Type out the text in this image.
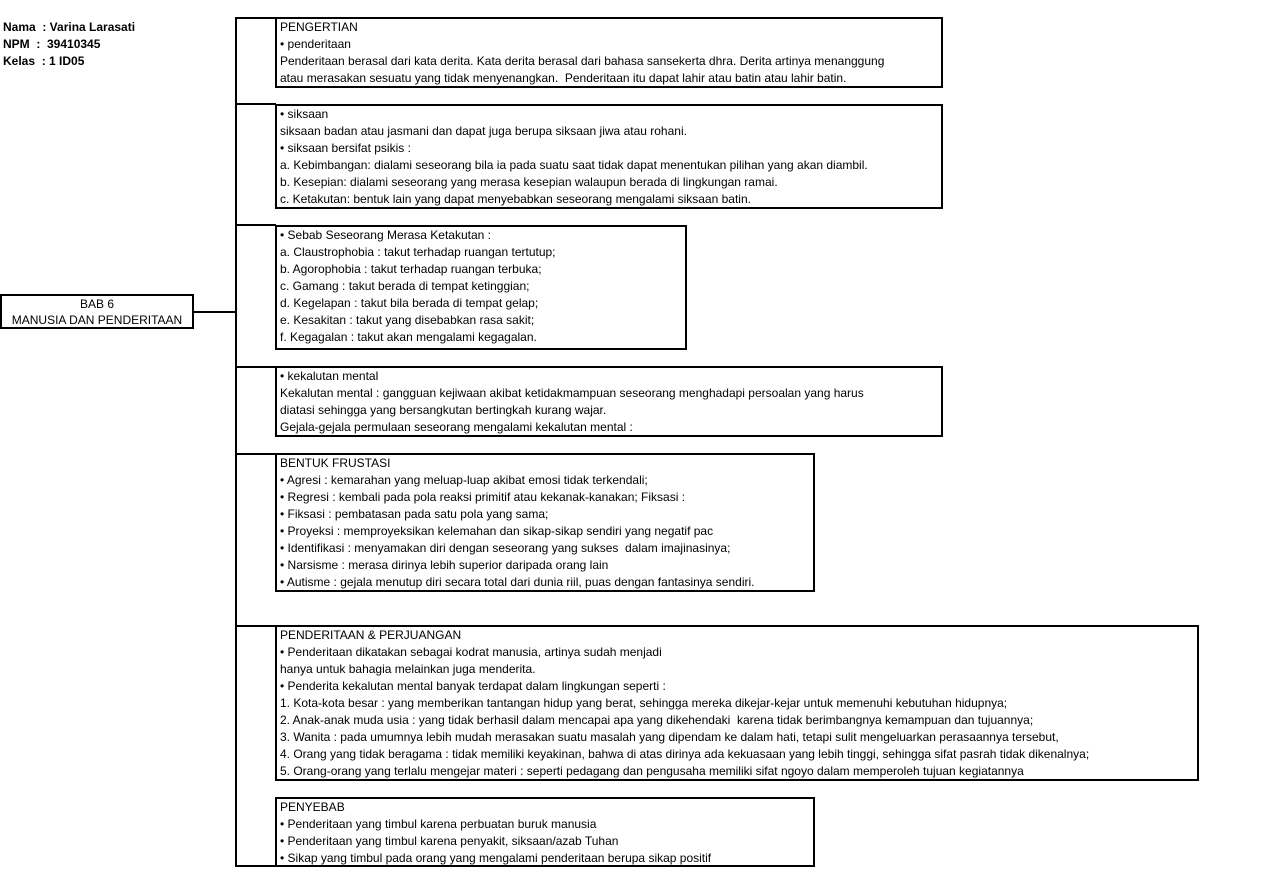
Nama  : Varina Larasati
NPM  :  39410345
Kelas  : 1 ID05
BAB 6
MANUSIA DAN PENDERITAAN
PENGERTIAN
• penderitaan
Penderitaan berasal dari kata derita. Kata derita berasal dari bahasa sansekerta dhra. Derita artinya menanggung
atau merasakan sesuatu yang tidak menyenangkan.  Penderitaan itu dapat lahir atau batin atau lahir batin.
• siksaan
siksaan badan atau jasmani dan dapat juga berupa siksaan jiwa atau rohani.
• siksaan bersifat psikis :
a. Kebimbangan: dialami seseorang bila ia pada suatu saat tidak dapat menentukan pilihan yang akan diambil.
b. Kesepian: dialami seseorang yang merasa kesepian walaupun berada di lingkungan ramai.
c. Ketakutan: bentuk lain yang dapat menyebabkan seseorang mengalami siksaan batin.
• Sebab Seseorang Merasa Ketakutan :
a. Claustrophobia : takut terhadap ruangan tertutup;
b. Agorophobia : takut terhadap ruangan terbuka;
c. Gamang : takut berada di tempat ketinggian;
d. Kegelapan : takut bila berada di tempat gelap;
e. Kesakitan : takut yang disebabkan rasa sakit;
f. Kegagalan : takut akan mengalami kegagalan.
• kekalutan mental
Kekalutan mental : gangguan kejiwaan akibat ketidakmampuan seseorang menghadapi persoalan yang harus
diatasi sehingga yang bersangkutan bertingkah kurang wajar.
Gejala-gejala permulaan seseorang mengalami kekalutan mental :
BENTUK FRUSTASI
• Agresi : kemarahan yang meluap-luap akibat emosi tidak terkendali;
• Regresi : kembali pada pola reaksi primitif atau kekanak-kanakan; Fiksasi :
• Fiksasi : pembatasan pada satu pola yang sama;
• Proyeksi : memproyeksikan kelemahan dan sikap-sikap sendiri yang negatif pac
• Identifikasi : menyamakan diri dengan seseorang yang sukses  dalam imajinasinya;
• Narsisme : merasa dirinya lebih superior daripada orang lain
• Autisme : gejala menutup diri secara total dari dunia riil, puas dengan fantasinya sendiri.
PENDERITAAN & PERJUANGAN
• Penderitaan dikatakan sebagai kodrat manusia, artinya sudah menjadi
hanya untuk bahagia melainkan juga menderita.
• Penderita kekalutan mental banyak terdapat dalam lingkungan seperti :
1. Kota-kota besar : yang memberikan tantangan hidup yang berat, sehingga mereka dikejar-kejar untuk memenuhi kebutuhan hidupnya;
2. Anak-anak muda usia : yang tidak berhasil dalam mencapai apa yang dikehendaki  karena tidak berimbangnya kemampuan dan tujuannya;
3. Wanita : pada umumnya lebih mudah merasakan suatu masalah yang dipendam ke dalam hati, tetapi sulit mengeluarkan perasaannya tersebut,
4. Orang yang tidak beragama : tidak memiliki keyakinan, bahwa di atas dirinya ada kekuasaan yang lebih tinggi, sehingga sifat pasrah tidak dikenalnya;
5. Orang-orang yang terlalu mengejar materi : seperti pedagang dan pengusaha memiliki sifat ngoyo dalam memperoleh tujuan kegiatannya
PENYEBAB
• Penderitaan yang timbul karena perbuatan buruk manusia
• Penderitaan yang timbul karena penyakit, siksaan/azab Tuhan
• Sikap yang timbul pada orang yang mengalami penderitaan berupa sikap positif
